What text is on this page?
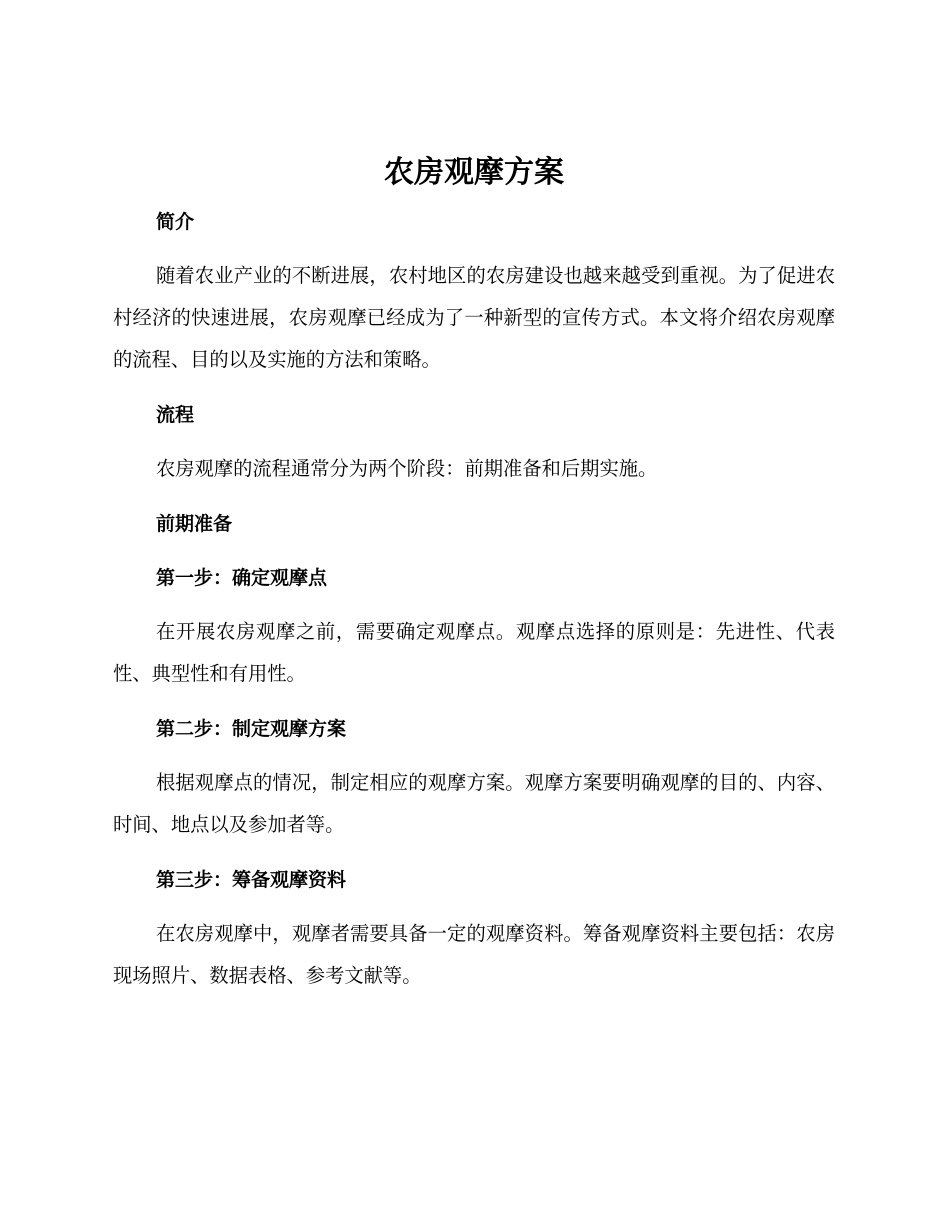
农房观摩方案
简介

随着农业产业的不断进展，农村地区的农房建设也越来越受到重视。为了促进农村经济的快速进展，农房观摩已经成为了一种新型的宣传方式。本文将介绍农房观摩的流程、目的以及实施的方法和策略。

流程

农房观摩的流程通常分为两个阶段：前期准备和后期实施。

前期准备
第一步：确定观摩点

在开展农房观摩之前，需要确定观摩点。观摩点选择的原则是：先进性、代表性、典型性和有用性。

第二步：制定观摩方案

根据观摩点的情况，制定相应的观摩方案。观摩方案要明确观摩的目的、内容、时间、地点以及参加者等。

第三步：筹备观摩资料

在农房观摩中，观摩者需要具备一定的观摩资料。筹备观摩资料主要包括：农房现场照片、数据表格、参考文献等。
